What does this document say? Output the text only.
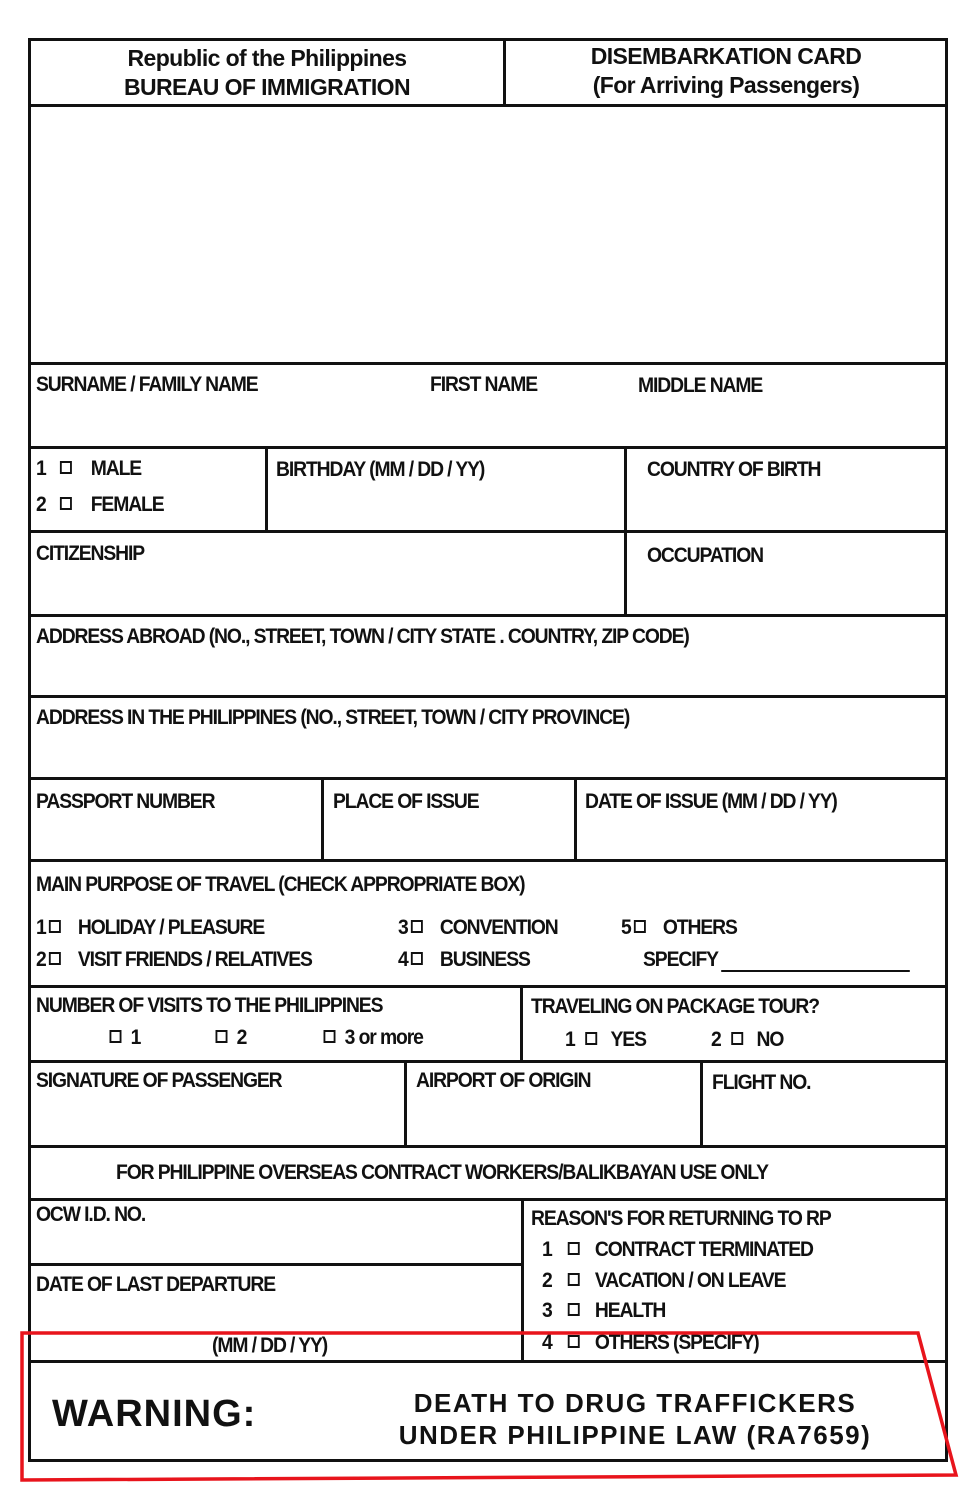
Republic of the Philippines
BUREAU OF IMMIGRATION
DISEMBARKATION CARD
(For Arriving Passengers)
SURNAME / FAMILY NAME	FIRST NAME	MIDDLE NAME
1 MALE
2 FEMALE
BIRTHDAY (MM / DD / YY)	COUNTRY OF BIRTH
CITIZENSHIP	OCCUPATION
ADDRESS ABROAD (NO., STREET, TOWN / CITY STATE . COUNTRY, ZIP CODE)
ADDRESS IN THE PHILIPPINES (NO., STREET, TOWN / CITY PROVINCE)
PASSPORT NUMBER	PLACE OF ISSUE	DATE OF ISSUE (MM / DD / YY)
MAIN PURPOSE OF TRAVEL (CHECK APPROPRIATE BOX)
1 HOLIDAY / PLEASURE
2 VISIT FRIENDS / RELATIVES
3 CONVENTION
4 BUSINESS
5 OTHERS
SPECIFY
NUMBER OF VISITS TO THE PHILIPPINES
1	2	3 or more
TRAVELING ON PACKAGE TOUR?
1 YES	2 NO
SIGNATURE OF PASSENGER	AIRPORT OF ORIGIN	FLIGHT NO.
FOR PHILIPPINE OVERSEAS CONTRACT WORKERS/BALIKBAYAN USE ONLY
OCW I.D. NO.
DATE OF LAST DEPARTURE
(MM / DD / YY)
REASON'S FOR RETURNING TO RP
1 CONTRACT TERMINATED
2 VACATION / ON LEAVE
3 HEALTH
4 OTHERS (SPECIFY)
WARNING:	DEATH TO DRUG TRAFFICKERS
UNDER PHILIPPINE LAW (RA7659)
